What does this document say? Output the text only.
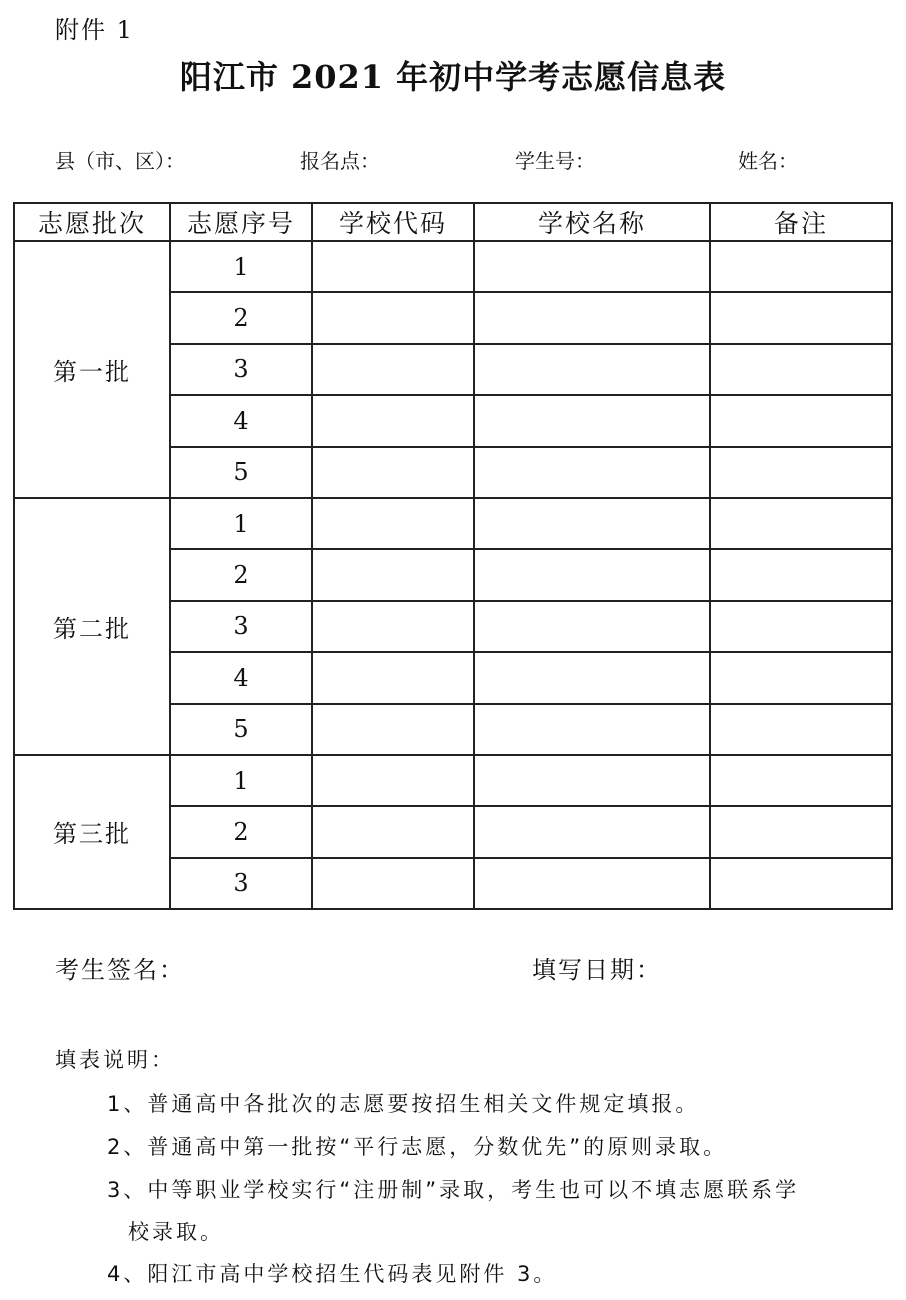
附件 1
阳江市 2021 年初中学考志愿信息表
县（市、区）：	报名点：	学生号：	姓名：
志愿批次	志愿序号	学校代码	学校名称	备注
第一批	1			
	2			
	3			
	4			
	5			
第二批	1			
	2			
	3			
	4			
	5			
第三批	1			
	2			
	3			
考生签名：	填写日期：
填表说明：
1、普通高中各批次的志愿要按招生相关文件规定填报。
2、普通高中第一批按“平行志愿，分数优先”的原则录取。
3、中等职业学校实行“注册制”录取，考生也可以不填志愿联系学
校录取。
4、阳江市高中学校招生代码表见附件 3。
